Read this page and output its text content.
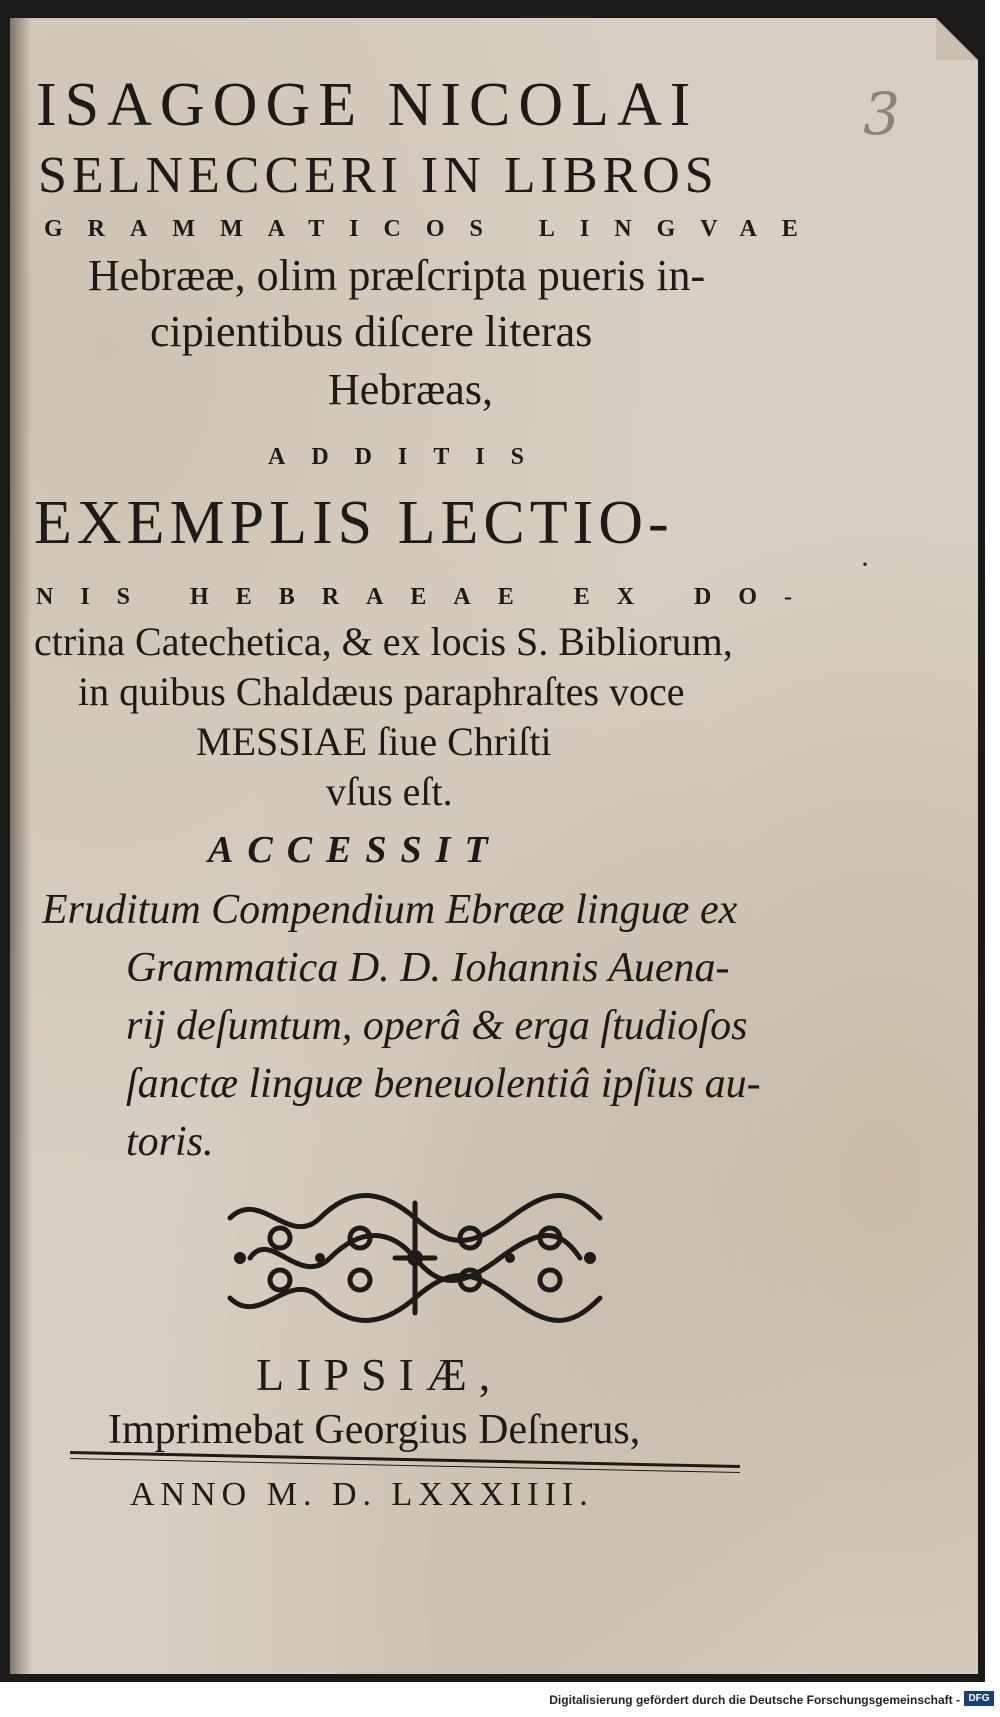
3
·
ISAGOGE NICOLAI
SELNECCERI IN LIBROS
GRAMMATICOS LINGVAE
Hebrææ, olim præſcripta pueris in-
cipientibus diſcere literas
Hebræas,
ADDITIS
EXEMPLIS LECTIO-
NIS HEBRAEAE EX DO-
ctrina Catechetica, & ex locis S. Bibliorum,
in quibus Chaldæus paraphraſtes voce
MESSIAE ſiue Chriſti
vſus eſt.
ACCESSIT
Eruditum Compendium Ebrææ linguæ ex
Grammatica D. D. Iohannis Auena-
rij deſumtum, operâ & erga ſtudioſos
ſanctæ linguæ beneuolentiâ ipſius au-
toris.
LIPSIÆ,
Imprimebat Georgius Deſnerus,
ANNO M. D. LXXXIIII.
Digitalisierung gefördert durch die Deutsche Forschungsgemeinschaft - DFG
